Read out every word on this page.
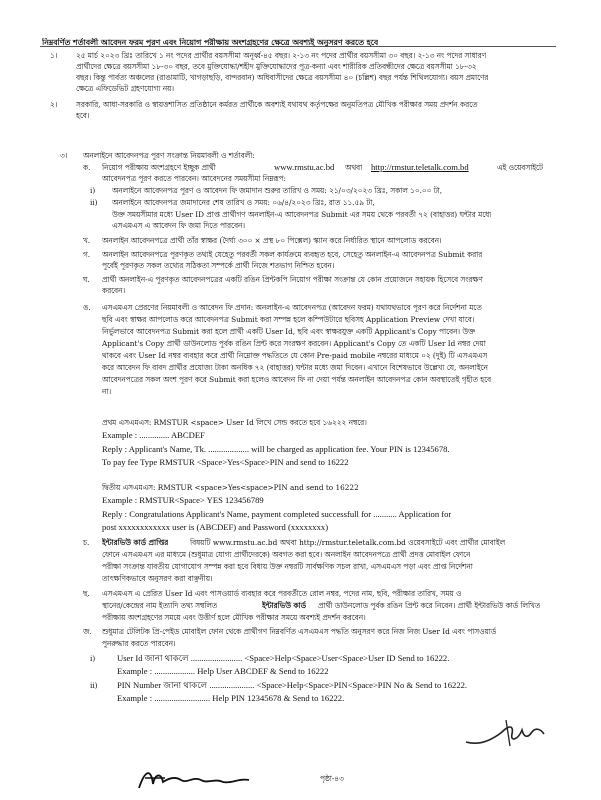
নিম্নবর্ণিত শর্তাবলী আবেদন ফরম পূরণ এবং নিয়োগ পরীক্ষায় অংশগ্রহণের ক্ষেত্রে অবশ্যই অনুসরণ করতে হবে
১।	২৫ মার্চ ২০২৩ খ্রিঃ তারিখে ১ নং পদের প্রার্থীর বয়সসীমা অনূর্ধ্ব-৪৫ বছর। ২-১৩ নং পদের প্রার্থীর বয়সসীমা ৩০ বছর। ২-১৩ নং পদের সাধারণ
প্রার্থীদের ক্ষেত্রে বয়সসীমা ১৮-৩০ বছর, তবে মুক্তিযোদ্ধা/শহীদ মুক্তিযোদ্ধাদের পুত্র-কন্যা এবং শারীরিক প্রতিবন্ধীদের ক্ষেত্রে বয়সসীমা ১৮-৩২
বছর। কিন্তু পার্বত্য অঞ্চলের (রাঙামাটি, খাগড়াছড়ি, বান্দরবান) অধিবাসীদের ক্ষেত্রে বয়সসীমা ৪০ (চল্লিশ) বছর পর্যন্ত শিথিলযোগ্য। বয়স প্রমাণের
ক্ষেত্রে এফিডেভিট গ্রহণযোগ্য নয়।
২।	সরকারি, আধা-সরকারি ও স্বায়ত্তশাসিত প্রতিষ্ঠানে কর্মরত প্রার্থীকে অবশ্যই যথাযথ কর্তৃপক্ষের অনুমতিপত্র মৌখিক পরীক্ষার সময় প্রদর্শন করতে
হবে।
৩। অনলাইনে আবেদনপত্র পূরণ সংক্রান্ত নিয়মাবলী ও শর্তাবলী:
ক. নিয়োগ পরীক্ষায় অংশগ্রহণে ইচ্ছুক প্রার্থী	www.rmstu.ac.bd অথবা http://rmstur.teletalk.com.bd	এই ওয়েবসাইটে
আবেদনপত্র পূরণ করতে পারবেন। আবেদনের সময়সীমা নিম্নরূপ:
i) অনলাইনে আবেদনপত্র পূরণ ও আবেদন ফি জমাদান শুরুর তারিখ ও সময়: ২১/০৩/২০২৩ খ্রিঃ, সকাল ১০.০০ টা,
ii) অনলাইনে আবেদনপত্র জমাদানের শেষ তারিখ ও সময়: ০৬/৪/২০২৩ খ্রিঃ, রাত ১১.৫৯ টা,
উক্ত সময়সীমার মধ্যে User ID প্রাপ্ত প্রার্থীগণ অনলাইন-এ আবেদনপত্র Submit এর সময় থেকে পরবর্তী ৭২ (বাহাত্তর) ঘন্টার মধ্যে
এসএমএস এ আবেদন ফি জমা দিতে পারবেন।
খ. অনলাইন আবেদনপত্রে প্রার্থী তাঁর স্বাক্ষর (দৈর্ঘ্য ৩০০ × প্রস্থ ৮০ পিক্সেল) স্ক্যান করে নির্ধারিত স্থানে আপলোড করবেন।
গ. অনলাইন আবেদনপত্রে পূরণকৃত তথ্যই যেহেতু পরবর্তী সকল কার্যক্রমে ব্যবহৃত হবে, সেহেতু অনলাইন-এ আবেদনপত্র Submit করার
পূর্বেই পূরণকৃত সকল তথ্যের সঠিকতা সম্পর্কে প্রার্থী নিজে শতভাগ নিশ্চিত হবেন।
ঘ. প্রার্থী অনলাইন-এ পূরণকৃত আবেদনপত্রের একটি রঙিন প্রিন্টকপি নিয়োগ পরীক্ষা সংক্রান্ত যে কোন প্রয়োজনে সহায়ক হিসেবে সংরক্ষণ
করবেন।
ঙ. এসএমএস প্রেরণের নিয়মাবলী ও আবেদন ফি প্রদান: অনলাইন-এ আবেদনপত্র (আবেদন ফরম) যথাযথভাবে পূরণ করে নির্দেশনা মতে
ছবি এবং স্বাক্ষর আপলোড করে আবেদনপত্র Submit করা সম্পন্ন হলে কম্পিউটারে ছবিসহ Application Preview দেখা যাবে।
নির্ভুলভাবে আবেদনপত্র Submit করা হলে প্রার্থী একটি User Id, ছবি এবং স্বাক্ষরযুক্ত একটি Applicant's Copy পাবেন। উক্ত
Applicant's Copy প্রার্থী ডাউনলোড পূর্বক রঙিন প্রিন্ট করে সংরক্ষণ করবেন। Applicant's Copy তে একটি User Id নম্বর দেয়া
থাকবে এবং User Id নম্বর ব্যবহার করে প্রার্থী নিম্নোক্ত পদ্ধতিতে যে কোন Pre-paid mobile নম্বরের মাধ্যমে ০২ (দুই) টি এসএমএস
করে আবেদন ফি বাবদ প্রার্থীর প্রযোজ্য টাকা অনধিক ৭২ (বাহাত্তর) ঘন্টার মধ্যে জমা দিবেন। এখানে বিশেষভাবে উল্লেখ্য যে, অনলাইনে
আবেদনপত্রের সকল অংশ পূরণ করে Submit করা হলেও আবেদন ফি না দেয়া পর্যন্ত অনলাইন আবেদনপত্র কোন অবস্থাতেই গৃহীত হবে
না।
প্রথম এসএমএস: RMSTUR <space> User Id লিখে সেন্ড করতে হবে ১৬২২২ নম্বরে।
Example : .............. ABCDEF
Reply : Applicant's Name, Tk. ................... will be charged as application fee. Your PIN is 12345678.
To pay fee Type RMSTUR <Space>Yes<Space>PIN and send to 16222
দ্বিতীয় এসএমএস: RMSTUR <space>Yes<space>PIN and send to 16222
Example : RMSTUR<Space> YES 123456789
Reply : Congratulations Applicant's Name, payment completed successfull for ........... Application for
post xxxxxxxxxxxx user is (ABCDEF) and Password (xxxxxxxx)
চ. ইন্টারভিউ কার্ড প্রাপ্তির	বিষয়টি www.rmstu.ac.bd অথবা http://rmstur.teletalk.com.bd ওয়েবসাইটে এবং প্রার্থীর মোবাইল
ফোনে এসএমএস এর মাধ্যমে (শুধুমাত্র যোগ্য প্রার্থীদেরকে) অবগত করা হবে। অনলাইন আবেদনপত্রে প্রার্থী প্রদত্ত মোবাইল ফোনে
পরীক্ষা সংক্রান্ত যাবতীয় যোগাযোগ সম্পন্ন করা হবে বিধায় উক্ত নম্বরটি সার্বক্ষণিক সচল রাখা, এসএমএস পড়া এবং প্রাপ্ত নির্দেশনা
তাৎক্ষণিকভাবে অনুসরণ করা বাঞ্ছনীয়।
ছ. এসএমএস এ প্রেরিত User Id এবং পাসওয়ার্ড ব্যবহার করে পরবর্তীতে রোল নম্বর, পদের নাম, ছবি, পরীক্ষার তারিখ, সময় ও
স্থানের/কেন্দ্রের নাম ইত্যাদি তথ্য সম্বলিত	ইন্টারভিউ কার্ড প্রার্থী ডাউনলোড পূর্বক রঙিন প্রিন্ট করে নিবেন। প্রার্থী ইন্টারভিউ কার্ড লিখিত
পরীক্ষায় অংশগ্রহণের সময়ে এবং উত্তীর্ণ হলে মৌখিক পরীক্ষার সময়ে অবশ্যই প্রদর্শন করবেন।
জ. শুধুমাত্র টেলিটক প্রি-পেইড মোবাইল ফোন থেকে প্রার্থীগণ নিম্নবর্ণিত এসএমএস পদ্ধতি অনুসরণ করে নিজ নিজ User Id এবং পাসওয়ার্ড
পুনরুদ্ধার করতে পারবেন।
i)	User Id জানা থাকলে ........................ <Space>Help<Space>User<Space>User ID Send to 16222.
Example : ................... Help User ABCDEF & Send to 16222
ii) PIN Number জানা থাকলে ..................... <Space>Help<Space>PIN<Space>PIN No & Send to 16222.
Example : .......................... Help PIN 12345678 & Send to 16222.
পৃষ্ঠা-৪৩
